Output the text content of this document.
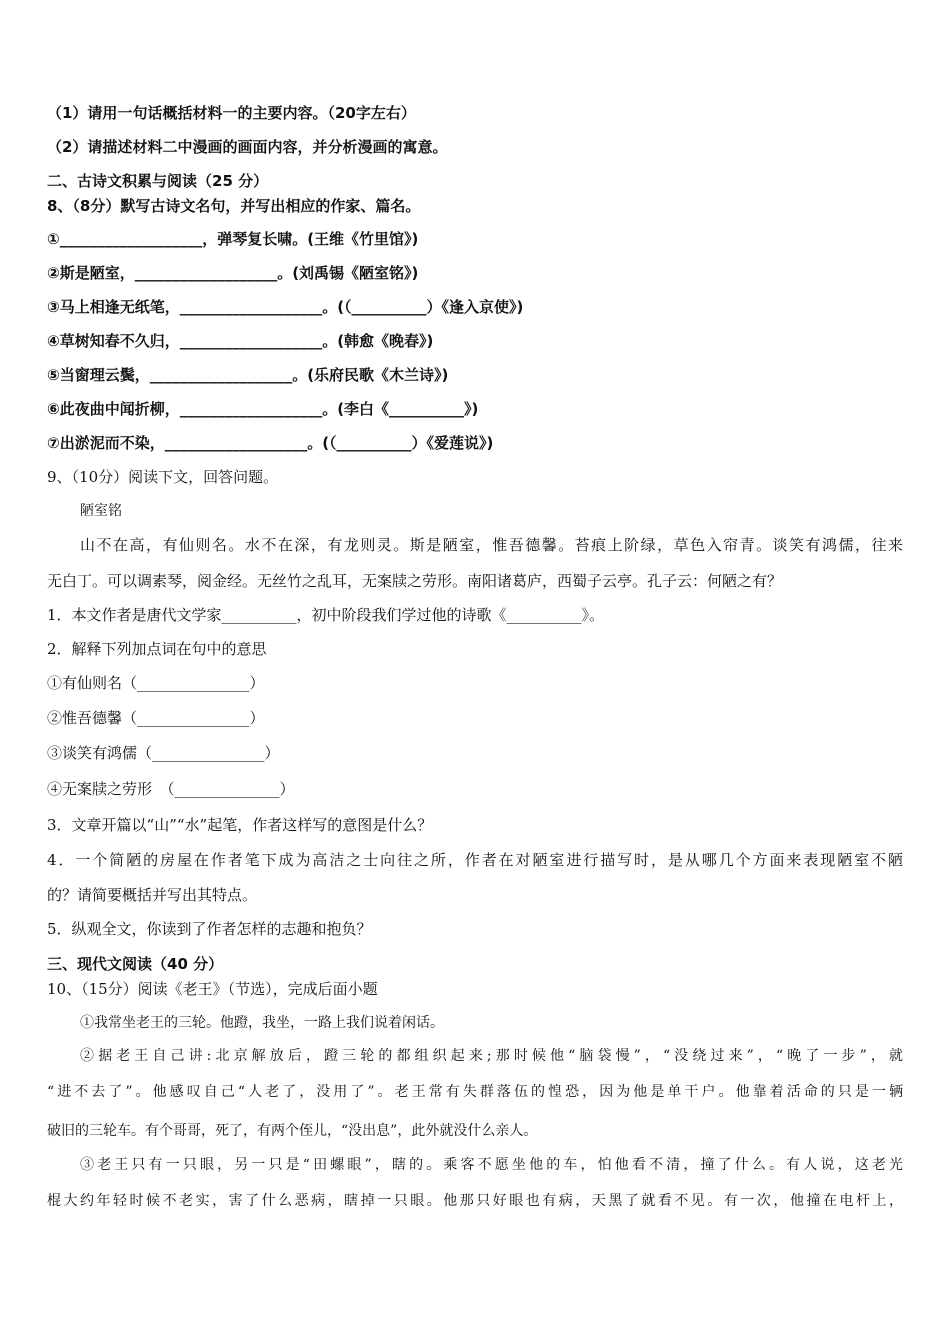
（1）请用一句话概括材料一的主要内容。（20字左右）
（2）请描述材料二中漫画的画面内容，并分析漫画的寓意。
二、古诗文积累与阅读（25 分）
8、（8分）默写古诗文名句，并写出相应的作家、篇名。
①___________________，弹琴复长啸。(王维《竹里馆》)
②斯是陋室，___________________。(刘禹锡《陋室铭》)
③马上相逢无纸笔，___________________。(（__________）《逢入京使》)
④草树知春不久归，___________________。(韩愈《晚春》)
⑤当窗理云鬓，___________________。(乐府民歌《木兰诗》)
⑥此夜曲中闻折柳，___________________。(李白《__________》)
⑦出淤泥而不染，___________________。(（__________）《爱莲说》)
9、（10分）阅读下文，回答问题。
陋室铭
山不在高，有仙则名。水不在深，有龙则灵。斯是陋室，惟吾德馨。苔痕上阶绿，草色入帘青。谈笑有鸿儒，往来
无白丁。可以调素琴，阅金经。无丝竹之乱耳，无案牍之劳形。南阳诸葛庐，西蜀子云亭。孔子云：何陋之有？
1．本文作者是唐代文学家__________，初中阶段我们学过他的诗歌《__________》。
2．解释下列加点词在句中的意思
①有仙则名（_______________）
②惟吾德馨（_______________）
③谈笑有鸿儒（_______________）
④无案牍之劳形　（______________）
3．文章开篇以“山”“水”起笔，作者这样写的意图是什么？
4．一个简陋的房屋在作者笔下成为高洁之士向往之所，作者在对陋室进行描写时，是从哪几个方面来表现陋室不陋
的？请简要概括并写出其特点。
5．纵观全文，你读到了作者怎样的志趣和抱负？
三、现代文阅读（40 分）
10、（15分）阅读《老王》（节选），完成后面小题
①我常坐老王的三轮。他蹬，我坐，一路上我们说着闲话。
②据老王自己讲:北京解放后，蹬三轮的都组织起来;那时候他“脑袋慢”，“没绕过来”，“晚了一步”，就
“进不去了”。他感叹自己“人老了，没用了”。老王常有失群落伍的惶恐，因为他是单干户。他靠着活命的只是一辆
破旧的三轮车。有个哥哥，死了，有两个侄儿，“没出息”，此外就没什么亲人。
③老王只有一只眼，另一只是“田螺眼”，瞎的。乘客不愿坐他的车，怕他看不清，撞了什么。有人说，这老光
棍大约年轻时候不老实，害了什么恶病，瞎掉一只眼。他那只好眼也有病，天黑了就看不见。有一次，他撞在电杆上，
